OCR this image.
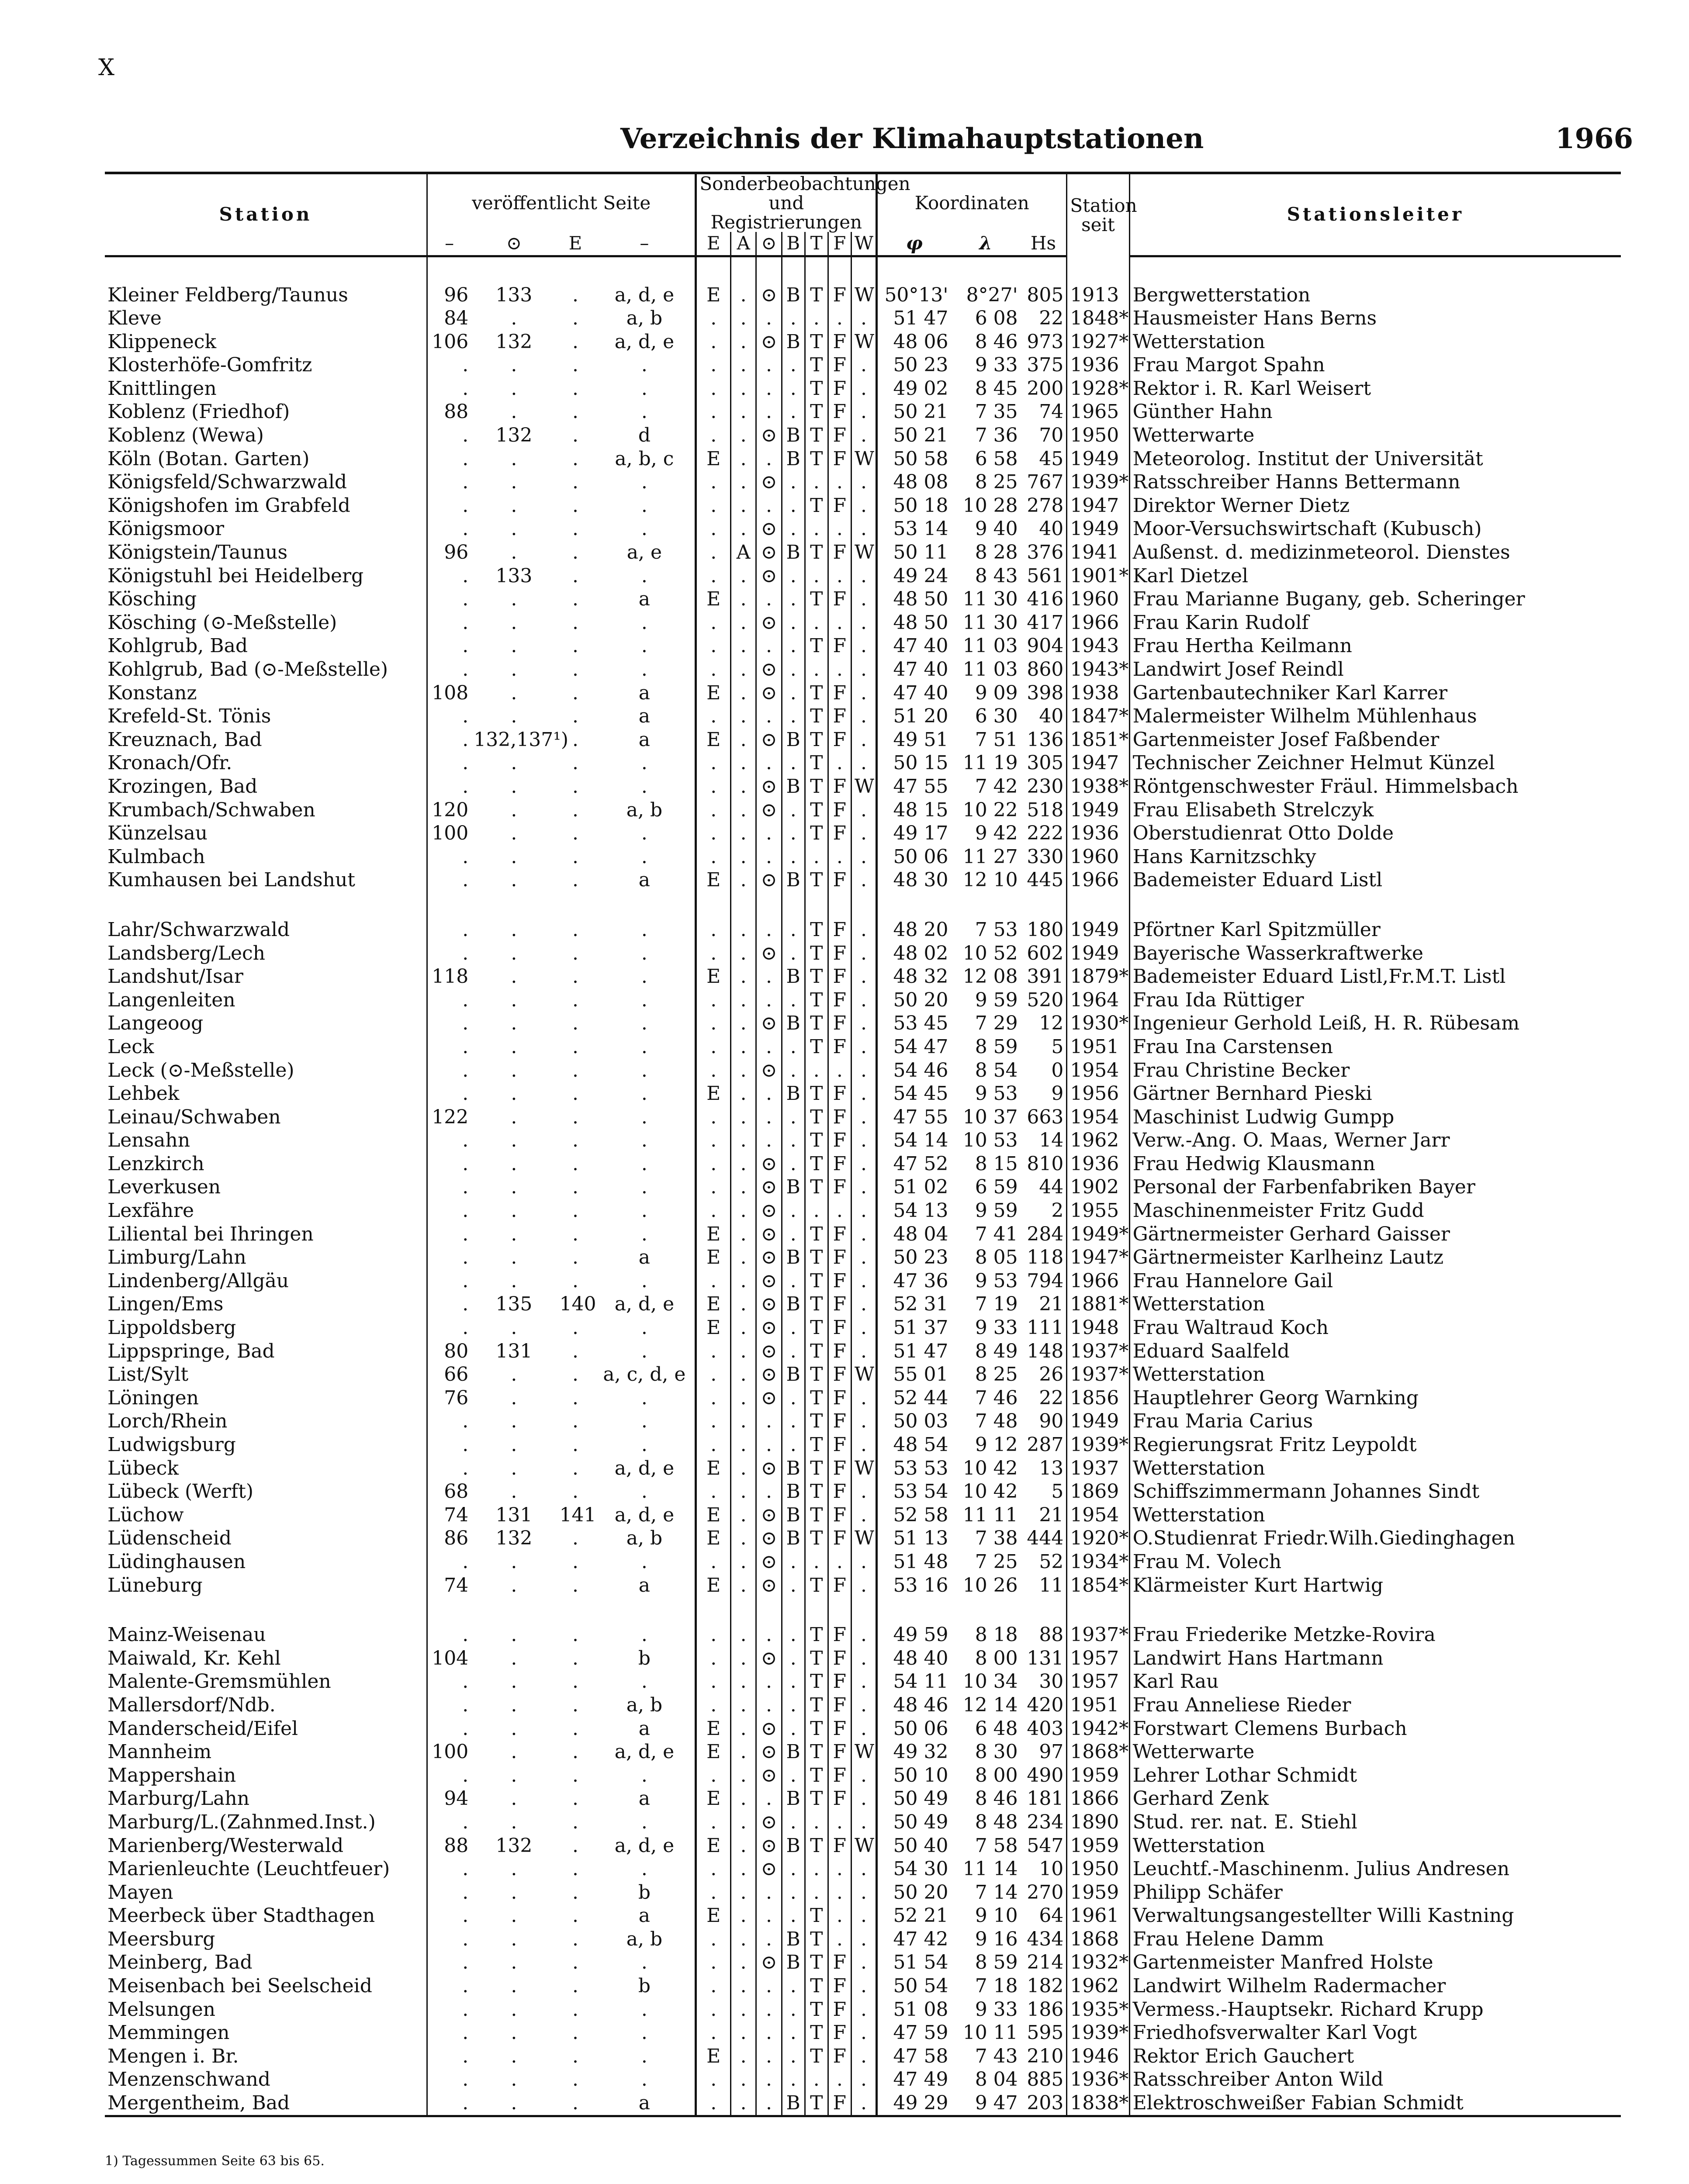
X
Verzeichnis der Klimahauptstationen	1966
Station	veröffentlicht Seite				Sonderbeobachtungen und Registrierungen							Koordinaten			Station seit	Stationsleiter
	–	⊙	E	–	E	A	⊙	B	T	F	W	φ	λ	Hs		

Kleiner Feldberg/Taunus	96	133	.	a, d, e	E	.	⊙	B	T	F	W	50°13'	8°27'	805	1913	Bergwetterstation
Kleve	84	.	.	a, b	.	.	.	.	.	.	.	51 47	6 08	22	1848*	Hausmeister Hans Berns
Klippeneck	106	132	.	a, d, e	.	.	⊙	B	T	F	W	48 06	8 46	973	1927*	Wetterstation
Klosterhöfe-Gomfritz	.	.	.	.	.	.	.	.	T	F	.	50 23	9 33	375	1936	Frau Margot Spahn
Knittlingen	.	.	.	.	.	.	.	.	T	F	.	49 02	8 45	200	1928*	Rektor i. R. Karl Weisert
Koblenz (Friedhof)	88	.	.	.	.	.	.	.	T	F	.	50 21	7 35	74	1965	Günther Hahn
Koblenz (Wewa)	.	132	.	d	.	.	⊙	B	T	F	.	50 21	7 36	70	1950	Wetterwarte
Köln (Botan. Garten)	.	.	.	a, b, c	E	.	.	B	T	F	W	50 58	6 58	45	1949	Meteorolog. Institut der Universität
Königsfeld/Schwarzwald	.	.	.	.	.	.	⊙	.	.	.	.	48 08	8 25	767	1939*	Ratsschreiber Hanns Bettermann
Königshofen im Grabfeld	.	.	.	.	.	.	.	.	T	F	.	50 18	10 28	278	1947	Direktor Werner Dietz
Königsmoor	.	.	.	.	.	.	⊙	.	.	.	.	53 14	9 40	40	1949	Moor-Versuchswirtschaft (Kubusch)
Königstein/Taunus	96	.	.	a, e	.	A	⊙	B	T	F	W	50 11	8 28	376	1941	Außenst. d. medizinmeteorol. Dienstes
Königstuhl bei Heidelberg	.	133	.	.	.	.	⊙	.	.	.	.	49 24	8 43	561	1901*	Karl Dietzel
Kösching	.	.	.	a	E	.	.	.	T	F	.	48 50	11 30	416	1960	Frau Marianne Bugany, geb. Scheringer
Kösching (⊙-Meßstelle)	.	.	.	.	.	.	⊙	.	.	.	.	48 50	11 30	417	1966	Frau Karin Rudolf
Kohlgrub, Bad	.	.	.	.	.	.	.	.	T	F	.	47 40	11 03	904	1943	Frau Hertha Keilmann
Kohlgrub, Bad (⊙-Meßstelle)	.	.	.	.	.	.	⊙	.	.	.	.	47 40	11 03	860	1943*	Landwirt Josef Reindl
Konstanz	108	.	.	a	E	.	⊙	.	T	F	.	47 40	9 09	398	1938	Gartenbautechniker Karl Karrer
Krefeld-St. Tönis	.	.	.	a	.	.	.	.	T	F	.	51 20	6 30	40	1847*	Malermeister Wilhelm Mühlenhaus
Kreuznach, Bad	.	132,137¹)	.	a	E	.	⊙	B	T	F	.	49 51	7 51	136	1851*	Gartenmeister Josef Faßbender
Kronach/Ofr.	.	.	.	.	.	.	.	.	T	.	.	50 15	11 19	305	1947	Technischer Zeichner Helmut Künzel
Krozingen, Bad	.	.	.	.	.	.	⊙	B	T	F	W	47 55	7 42	230	1938*	Röntgenschwester Fräul. Himmelsbach
Krumbach/Schwaben	120	.	.	a, b	.	.	⊙	.	T	F	.	48 15	10 22	518	1949	Frau Elisabeth Strelczyk
Künzelsau	100	.	.	.	.	.	.	.	T	F	.	49 17	9 42	222	1936	Oberstudienrat Otto Dolde
Kulmbach	.	.	.	.	.	.	.	.	.	.	.	50 06	11 27	330	1960	Hans Karnitzschky
Kumhausen bei Landshut	.	.	.	a	E	.	⊙	B	T	F	.	48 30	12 10	445	1966	Bademeister Eduard Listl

Lahr/Schwarzwald	.	.	.	.	.	.	.	.	T	F	.	48 20	7 53	180	1949	Pförtner Karl Spitzmüller
Landsberg/Lech	.	.	.	.	.	.	⊙	.	T	F	.	48 02	10 52	602	1949	Bayerische Wasserkraftwerke
Landshut/Isar	118	.	.	.	E	.	.	B	T	F	.	48 32	12 08	391	1879*	Bademeister Eduard Listl,Fr.M.T. Listl
Langenleiten	.	.	.	.	.	.	.	.	T	F	.	50 20	9 59	520	1964	Frau Ida Rüttiger
Langeoog	.	.	.	.	.	.	⊙	B	T	F	.	53 45	7 29	12	1930*	Ingenieur Gerhold Leiß, H. R. Rübesam
Leck	.	.	.	.	.	.	.	.	T	F	.	54 47	8 59	5	1951	Frau Ina Carstensen
Leck (⊙-Meßstelle)	.	.	.	.	.	.	⊙	.	.	.	.	54 46	8 54	0	1954	Frau Christine Becker
Lehbek	.	.	.	.	E	.	.	B	T	F	.	54 45	9 53	9	1956	Gärtner Bernhard Pieski
Leinau/Schwaben	122	.	.	.	.	.	.	.	T	F	.	47 55	10 37	663	1954	Maschinist Ludwig Gumpp
Lensahn	.	.	.	.	.	.	.	.	T	F	.	54 14	10 53	14	1962	Verw.-Ang. O. Maas, Werner Jarr
Lenzkirch	.	.	.	.	.	.	⊙	.	T	F	.	47 52	8 15	810	1936	Frau Hedwig Klausmann
Leverkusen	.	.	.	.	.	.	⊙	B	T	F	.	51 02	6 59	44	1902	Personal der Farbenfabriken Bayer
Lexfähre	.	.	.	.	.	.	⊙	.	.	.	.	54 13	9 59	2	1955	Maschinenmeister Fritz Gudd
Liliental bei Ihringen	.	.	.	.	E	.	⊙	.	T	F	.	48 04	7 41	284	1949*	Gärtnermeister Gerhard Gaisser
Limburg/Lahn	.	.	.	a	E	.	⊙	B	T	F	.	50 23	8 05	118	1947*	Gärtnermeister Karlheinz Lautz
Lindenberg/Allgäu	.	.	.	.	.	.	⊙	.	T	F	.	47 36	9 53	794	1966	Frau Hannelore Gail
Lingen/Ems	.	135	140	a, d, e	E	.	⊙	B	T	F	.	52 31	7 19	21	1881*	Wetterstation
Lippoldsberg	.	.	.	.	E	.	⊙	.	T	F	.	51 37	9 33	111	1948	Frau Waltraud Koch
Lippspringe, Bad	80	131	.	.	.	.	⊙	.	T	F	.	51 47	8 49	148	1937*	Eduard Saalfeld
List/Sylt	66	.	.	a, c, d, e	.	.	⊙	B	T	F	W	55 01	8 25	26	1937*	Wetterstation
Löningen	76	.	.	.	.	.	⊙	.	T	F	.	52 44	7 46	22	1856	Hauptlehrer Georg Warnking
Lorch/Rhein	.	.	.	.	.	.	.	.	T	F	.	50 03	7 48	90	1949	Frau Maria Carius
Ludwigsburg	.	.	.	.	.	.	.	.	T	F	.	48 54	9 12	287	1939*	Regierungsrat Fritz Leypoldt
Lübeck	.	.	.	a, d, e	E	.	⊙	B	T	F	W	53 53	10 42	13	1937	Wetterstation
Lübeck (Werft)	68	.	.	.	.	.	.	B	T	F	.	53 54	10 42	5	1869	Schiffszimmermann Johannes Sindt
Lüchow	74	131	141	a, d, e	E	.	⊙	B	T	F	.	52 58	11 11	21	1954	Wetterstation
Lüdenscheid	86	132	.	a, b	E	.	⊙	B	T	F	W	51 13	7 38	444	1920*	O.Studienrat Friedr.Wilh.Giedinghagen
Lüdinghausen	.	.	.	.	.	.	⊙	.	.	.	.	51 48	7 25	52	1934*	Frau M. Volech
Lüneburg	74	.	.	a	E	.	⊙	.	T	F	.	53 16	10 26	11	1854*	Klärmeister Kurt Hartwig

Mainz-Weisenau	.	.	.	.	.	.	.	.	T	F	.	49 59	8 18	88	1937*	Frau Friederike Metzke-Rovira
Maiwald, Kr. Kehl	104	.	.	b	.	.	⊙	.	T	F	.	48 40	8 00	131	1957	Landwirt Hans Hartmann
Malente-Gremsmühlen	.	.	.	.	.	.	.	.	T	F	.	54 11	10 34	30	1957	Karl Rau
Mallersdorf/Ndb.	.	.	.	a, b	.	.	.	.	T	F	.	48 46	12 14	420	1951	Frau Anneliese Rieder
Manderscheid/Eifel	.	.	.	a	E	.	⊙	.	T	F	.	50 06	6 48	403	1942*	Forstwart Clemens Burbach
Mannheim	100	.	.	a, d, e	E	.	⊙	B	T	F	W	49 32	8 30	97	1868*	Wetterwarte
Mappershain	.	.	.	.	.	.	⊙	.	T	F	.	50 10	8 00	490	1959	Lehrer Lothar Schmidt
Marburg/Lahn	94	.	.	a	E	.	.	B	T	F	.	50 49	8 46	181	1866	Gerhard Zenk
Marburg/L.(Zahnmed.Inst.)	.	.	.	.	.	.	⊙	.	.	.	.	50 49	8 48	234	1890	Stud. rer. nat. E. Stiehl
Marienberg/Westerwald	88	132	.	a, d, e	E	.	⊙	B	T	F	W	50 40	7 58	547	1959	Wetterstation
Marienleuchte (Leuchtfeuer)	.	.	.	.	.	.	⊙	.	.	.	.	54 30	11 14	10	1950	Leuchtf.-Maschinenm. Julius Andresen
Mayen	.	.	.	b	.	.	.	.	.	.	.	50 20	7 14	270	1959	Philipp Schäfer
Meerbeck über Stadthagen	.	.	.	a	E	.	.	.	T	.	.	52 21	9 10	64	1961	Verwaltungsangestellter Willi Kastning
Meersburg	.	.	.	a, b	.	.	.	B	T	.	.	47 42	9 16	434	1868	Frau Helene Damm
Meinberg, Bad	.	.	.	.	.	.	⊙	B	T	F	.	51 54	8 59	214	1932*	Gartenmeister Manfred Holste
Meisenbach bei Seelscheid	.	.	.	b	.	.	.	.	T	F	.	50 54	7 18	182	1962	Landwirt Wilhelm Radermacher
Melsungen	.	.	.	.	.	.	.	.	T	F	.	51 08	9 33	186	1935*	Vermess.-Hauptsekr. Richard Krupp
Memmingen	.	.	.	.	.	.	.	.	T	F	.	47 59	10 11	595	1939*	Friedhofsverwalter Karl Vogt
Mengen i. Br.	.	.	.	.	E	.	.	.	T	F	.	47 58	7 43	210	1946	Rektor Erich Gauchert
Menzenschwand	.	.	.	.	.	.	.	.	.	.	.	47 49	8 04	885	1936*	Ratsschreiber Anton Wild
Mergentheim, Bad	.	.	.	a	.	.	.	B	T	F	.	49 29	9 47	203	1838*	Elektroschweißer Fabian Schmidt
1) Tagessummen Seite 63 bis 65.
